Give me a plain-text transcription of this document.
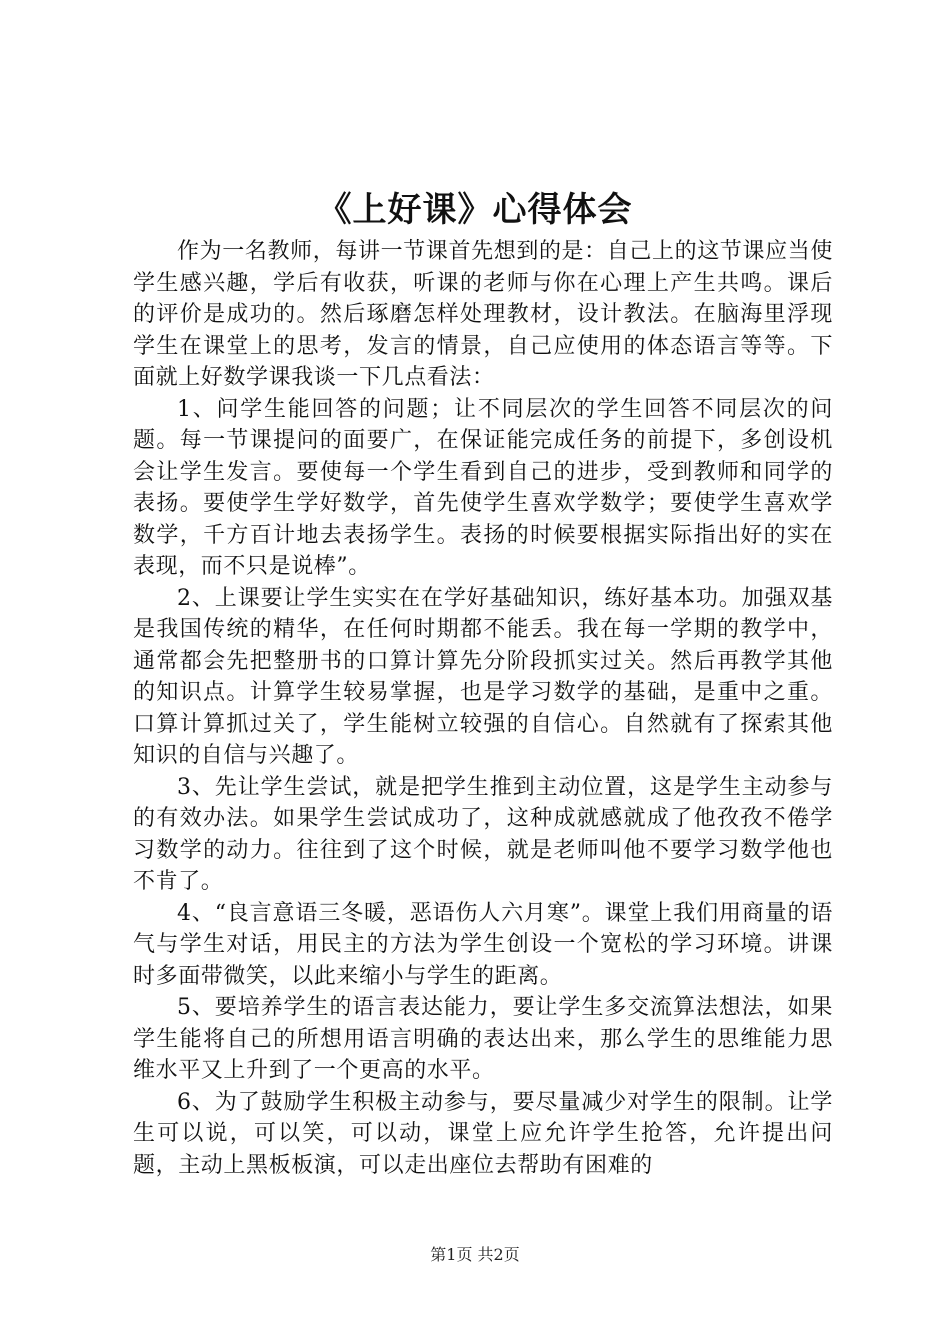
《上好课》心得体会

作为一名教师，每讲一节课首先想到的是：自己上的这节课应当使学生感兴趣，学后有收获，听课的老师与你在心理上产生共鸣。课后的评价是成功的。然后琢磨怎样处理教材，设计教法。在脑海里浮现学生在课堂上的思考，发言的情景，自己应使用的体态语言等等。下面就上好数学课我谈一下几点看法：

1、问学生能回答的问题；让不同层次的学生回答不同层次的问题。每一节课提问的面要广，在保证能完成任务的前提下，多创设机会让学生发言。要使每一个学生看到自己的进步，受到教师和同学的表扬。要使学生学好数学，首先使学生喜欢学数学；要使学生喜欢学数学，千方百计地去表扬学生。表扬的时候要根据实际指出好的实在表现，而不只是说棒”。

2、上课要让学生实实在在学好基础知识，练好基本功。加强双基是我国传统的精华，在任何时期都不能丢。我在每一学期的教学中，通常都会先把整册书的口算计算先分阶段抓实过关。然后再教学其他的知识点。计算学生较易掌握，也是学习数学的基础，是重中之重。口算计算抓过关了，学生能树立较强的自信心。自然就有了探索其他知识的自信与兴趣了。

3、先让学生尝试，就是把学生推到主动位置，这是学生主动参与的有效办法。如果学生尝试成功了，这种成就感就成了他孜孜不倦学习数学的动力。往往到了这个时候，就是老师叫他不要学习数学他也不肯了。

4、“良言意语三冬暖，恶语伤人六月寒”。课堂上我们用商量的语气与学生对话，用民主的方法为学生创设一个宽松的学习环境。讲课时多面带微笑，以此来缩小与学生的距离。

5、要培养学生的语言表达能力，要让学生多交流算法想法，如果学生能将自己的所想用语言明确的表达出来，那么学生的思维能力思维水平又上升到了一个更高的水平。

6、为了鼓励学生积极主动参与，要尽量减少对学生的限制。让学生可以说，可以笑，可以动，课堂上应允许学生抢答，允许提出问题，主动上黑板板演，可以走出座位去帮助有困难的

第1页 共2页
